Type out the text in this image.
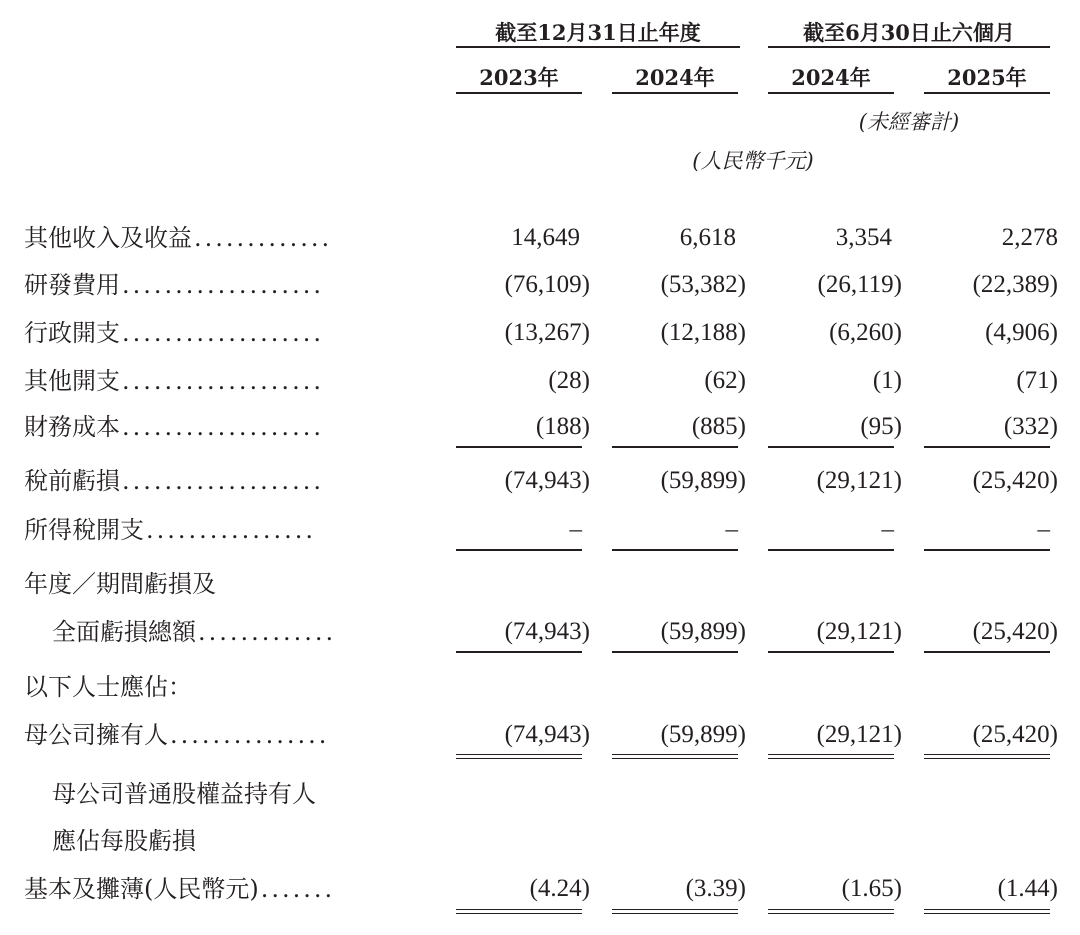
截至12月31日止年度	截至6月30日止六個月
2023年	2024年	2024年	2025年
(未經審計)
(人民幣千元)
其他收入及收益.............	14,649	6,618	3,354	2,278
研發費用...................	(76,109)	(53,382)	(26,119)	(22,389)
行政開支...................	(13,267)	(12,188)	(6,260)	(4,906)
其他開支...................	(28)	(62)	(1)	(71)
財務成本...................	(188)	(885)	(95)	(332)
稅前虧損...................	(74,943)	(59,899)	(29,121)	(25,420)
所得稅開支................	–	–	–	–
年度／期間虧損及
全面虧損總額.............	(74,943)	(59,899)	(29,121)	(25,420)
以下人士應佔：
母公司擁有人...............	(74,943)	(59,899)	(29,121)	(25,420)
母公司普通股權益持有人
應佔每股虧損
基本及攤薄(人民幣元).......	(4.24)	(3.39)	(1.65)	(1.44)
